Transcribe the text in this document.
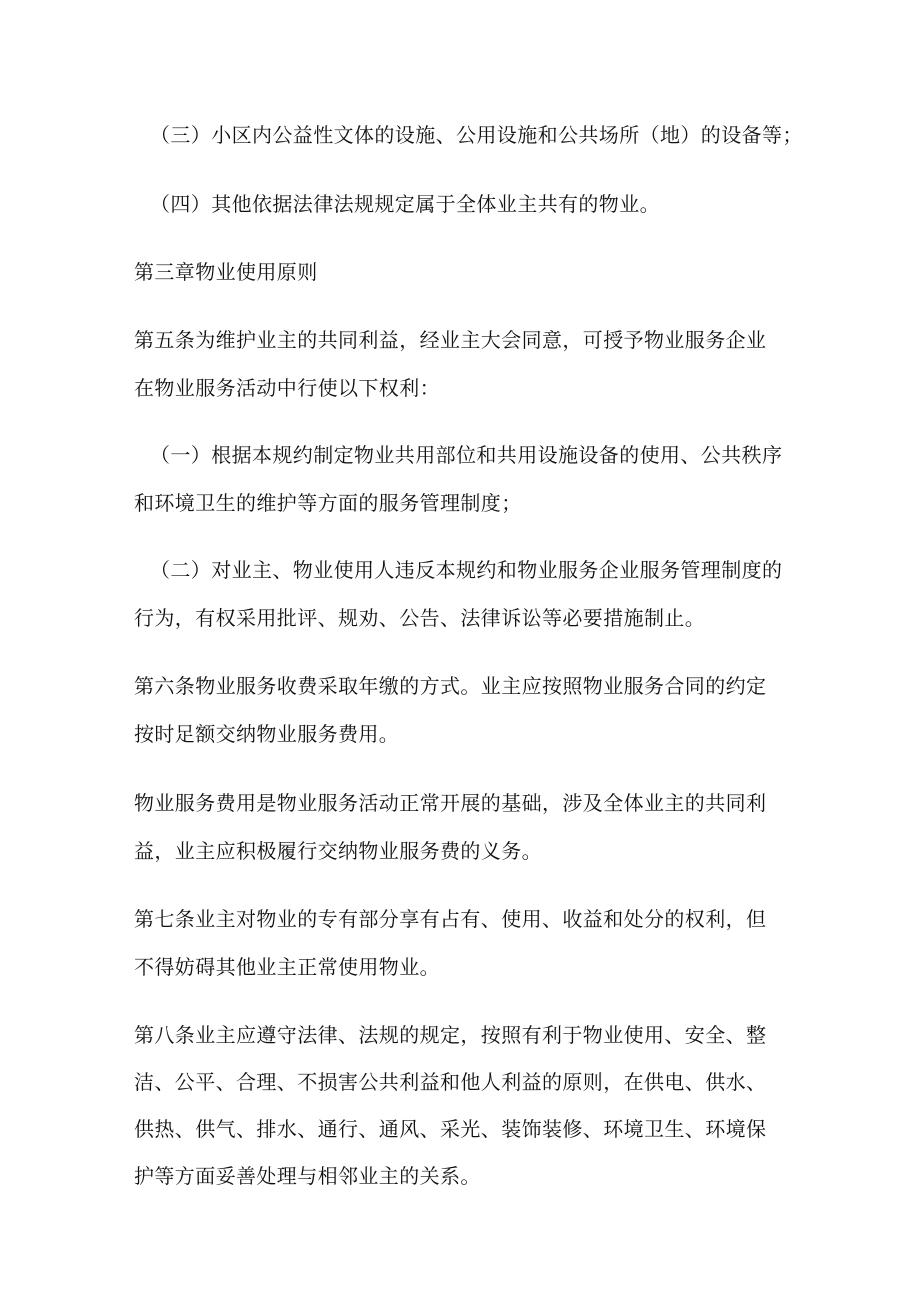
（三）小区内公益性文体的设施、公用设施和公共场所（地）的设备等；
（四）其他依据法律法规规定属于全体业主共有的物业。
第三章物业使用原则
第五条为维护业主的共同利益，经业主大会同意，可授予物业服务企业
在物业服务活动中行使以下权利：
（一）根据本规约制定物业共用部位和共用设施设备的使用、公共秩序
和环境卫生的维护等方面的服务管理制度；
（二）对业主、物业使用人违反本规约和物业服务企业服务管理制度的
行为，有权采用批评、规劝、公告、法律诉讼等必要措施制止。
第六条物业服务收费采取年缴的方式。业主应按照物业服务合同的约定
按时足额交纳物业服务费用。
物业服务费用是物业服务活动正常开展的基础，涉及全体业主的共同利
益，业主应积极履行交纳物业服务费的义务。
第七条业主对物业的专有部分享有占有、使用、收益和处分的权利，但
不得妨碍其他业主正常使用物业。
第八条业主应遵守法律、法规的规定，按照有利于物业使用、安全、整
洁、公平、合理、不损害公共利益和他人利益的原则，在供电、供水、
供热、供气、排水、通行、通风、采光、装饰装修、环境卫生、环境保
护等方面妥善处理与相邻业主的关系。
